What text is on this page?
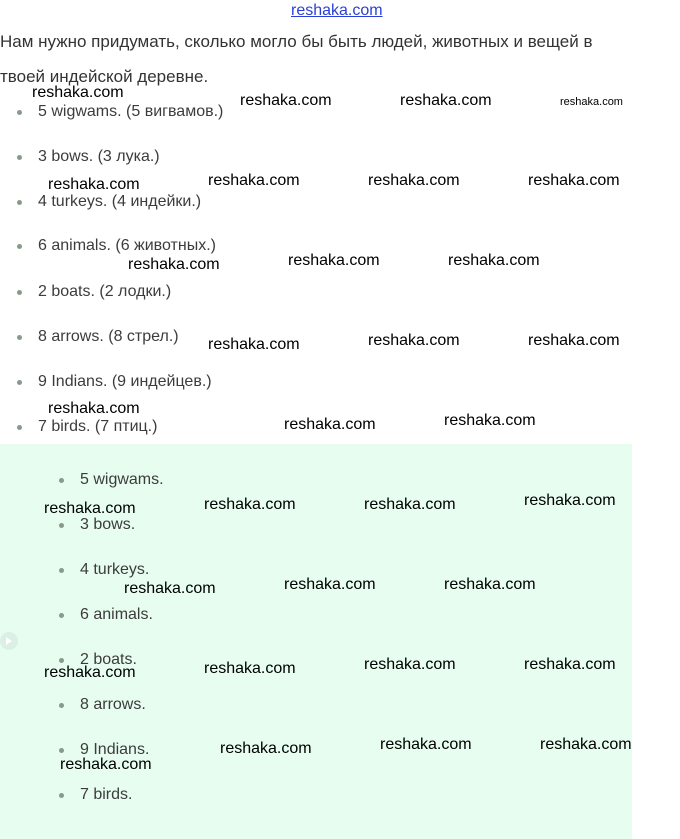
reshaka.com
Нам нужно придумать, сколько могло бы быть людей, животных и вещей в
твоей индейской деревне.
5 wigwams. (5 вигвамов.)
3 bows. (3 лука.)
4 turkeys. (4 индейки.)
6 animals. (6 животных.)
2 boats. (2 лодки.)
8 arrows. (8 стрел.)
9 Indians. (9 индейцев.)
7 birds. (7 птиц.)
5 wigwams.
3 bows.
4 turkeys.
6 animals.
2 boats.
8 arrows.
9 Indians.
7 birds.
reshaka.com	reshaka.com	reshaka.com	reshaka.com
reshaka.com	reshaka.com	reshaka.com	reshaka.com
reshaka.com	reshaka.com	reshaka.com
reshaka.com	reshaka.com	reshaka.com
reshaka.com
reshaka.com	reshaka.com
reshaka.com	reshaka.com	reshaka.com	reshaka.com
reshaka.com	reshaka.com	reshaka.com
reshaka.com	reshaka.com	reshaka.com	reshaka.com
reshaka.com	reshaka.com	reshaka.com
reshaka.com
